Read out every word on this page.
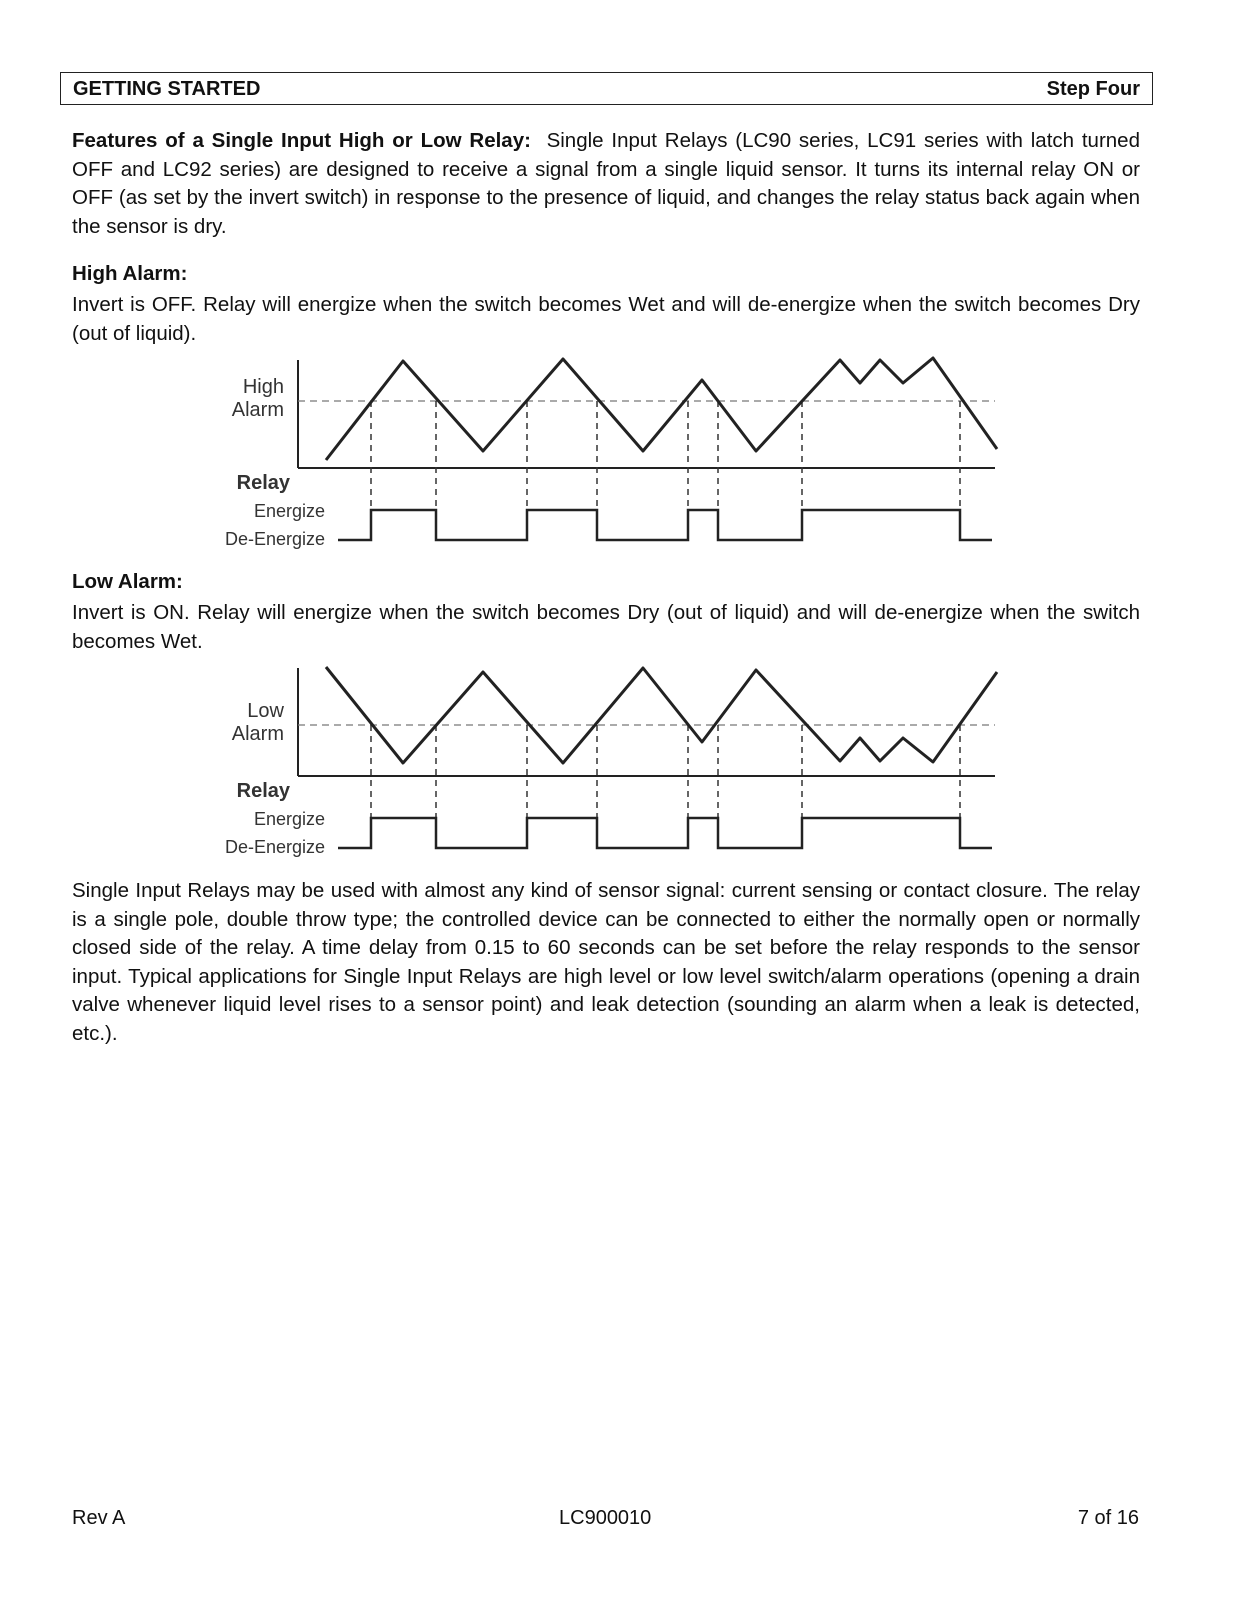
GETTING STARTED	Step Four
Features of a Single Input High or Low Relay: Single Input Relays (LC90 series, LC91 series with latch turned OFF and LC92 series) are designed to receive a signal from a single liquid sensor. It turns its internal relay ON or OFF (as set by the invert switch) in response to the presence of liquid, and changes the relay status back again when the sensor is dry.
High Alarm:
Invert is OFF. Relay will energize when the switch becomes Wet and will de-energize when the switch becomes Dry (out of liquid).
High
Alarm
Relay
Energize
De-Energize
Low Alarm:
Invert is ON. Relay will energize when the switch becomes Dry (out of liquid) and will de-energize when the switch becomes Wet.
Low
Alarm
Relay
Energize
De-Energize
Single Input Relays may be used with almost any kind of sensor signal: current sensing or contact closure. The relay is a single pole, double throw type; the controlled device can be connected to either the normally open or normally closed side of the relay. A time delay from 0.15 to 60 seconds can be set before the relay responds to the sensor input. Typical applications for Single Input Relays are high level or low level switch/alarm operations (opening a drain valve whenever liquid level rises to a sensor point) and leak detection (sounding an alarm when a leak is detected, etc.).
Rev A	LC900010	7 of 16
